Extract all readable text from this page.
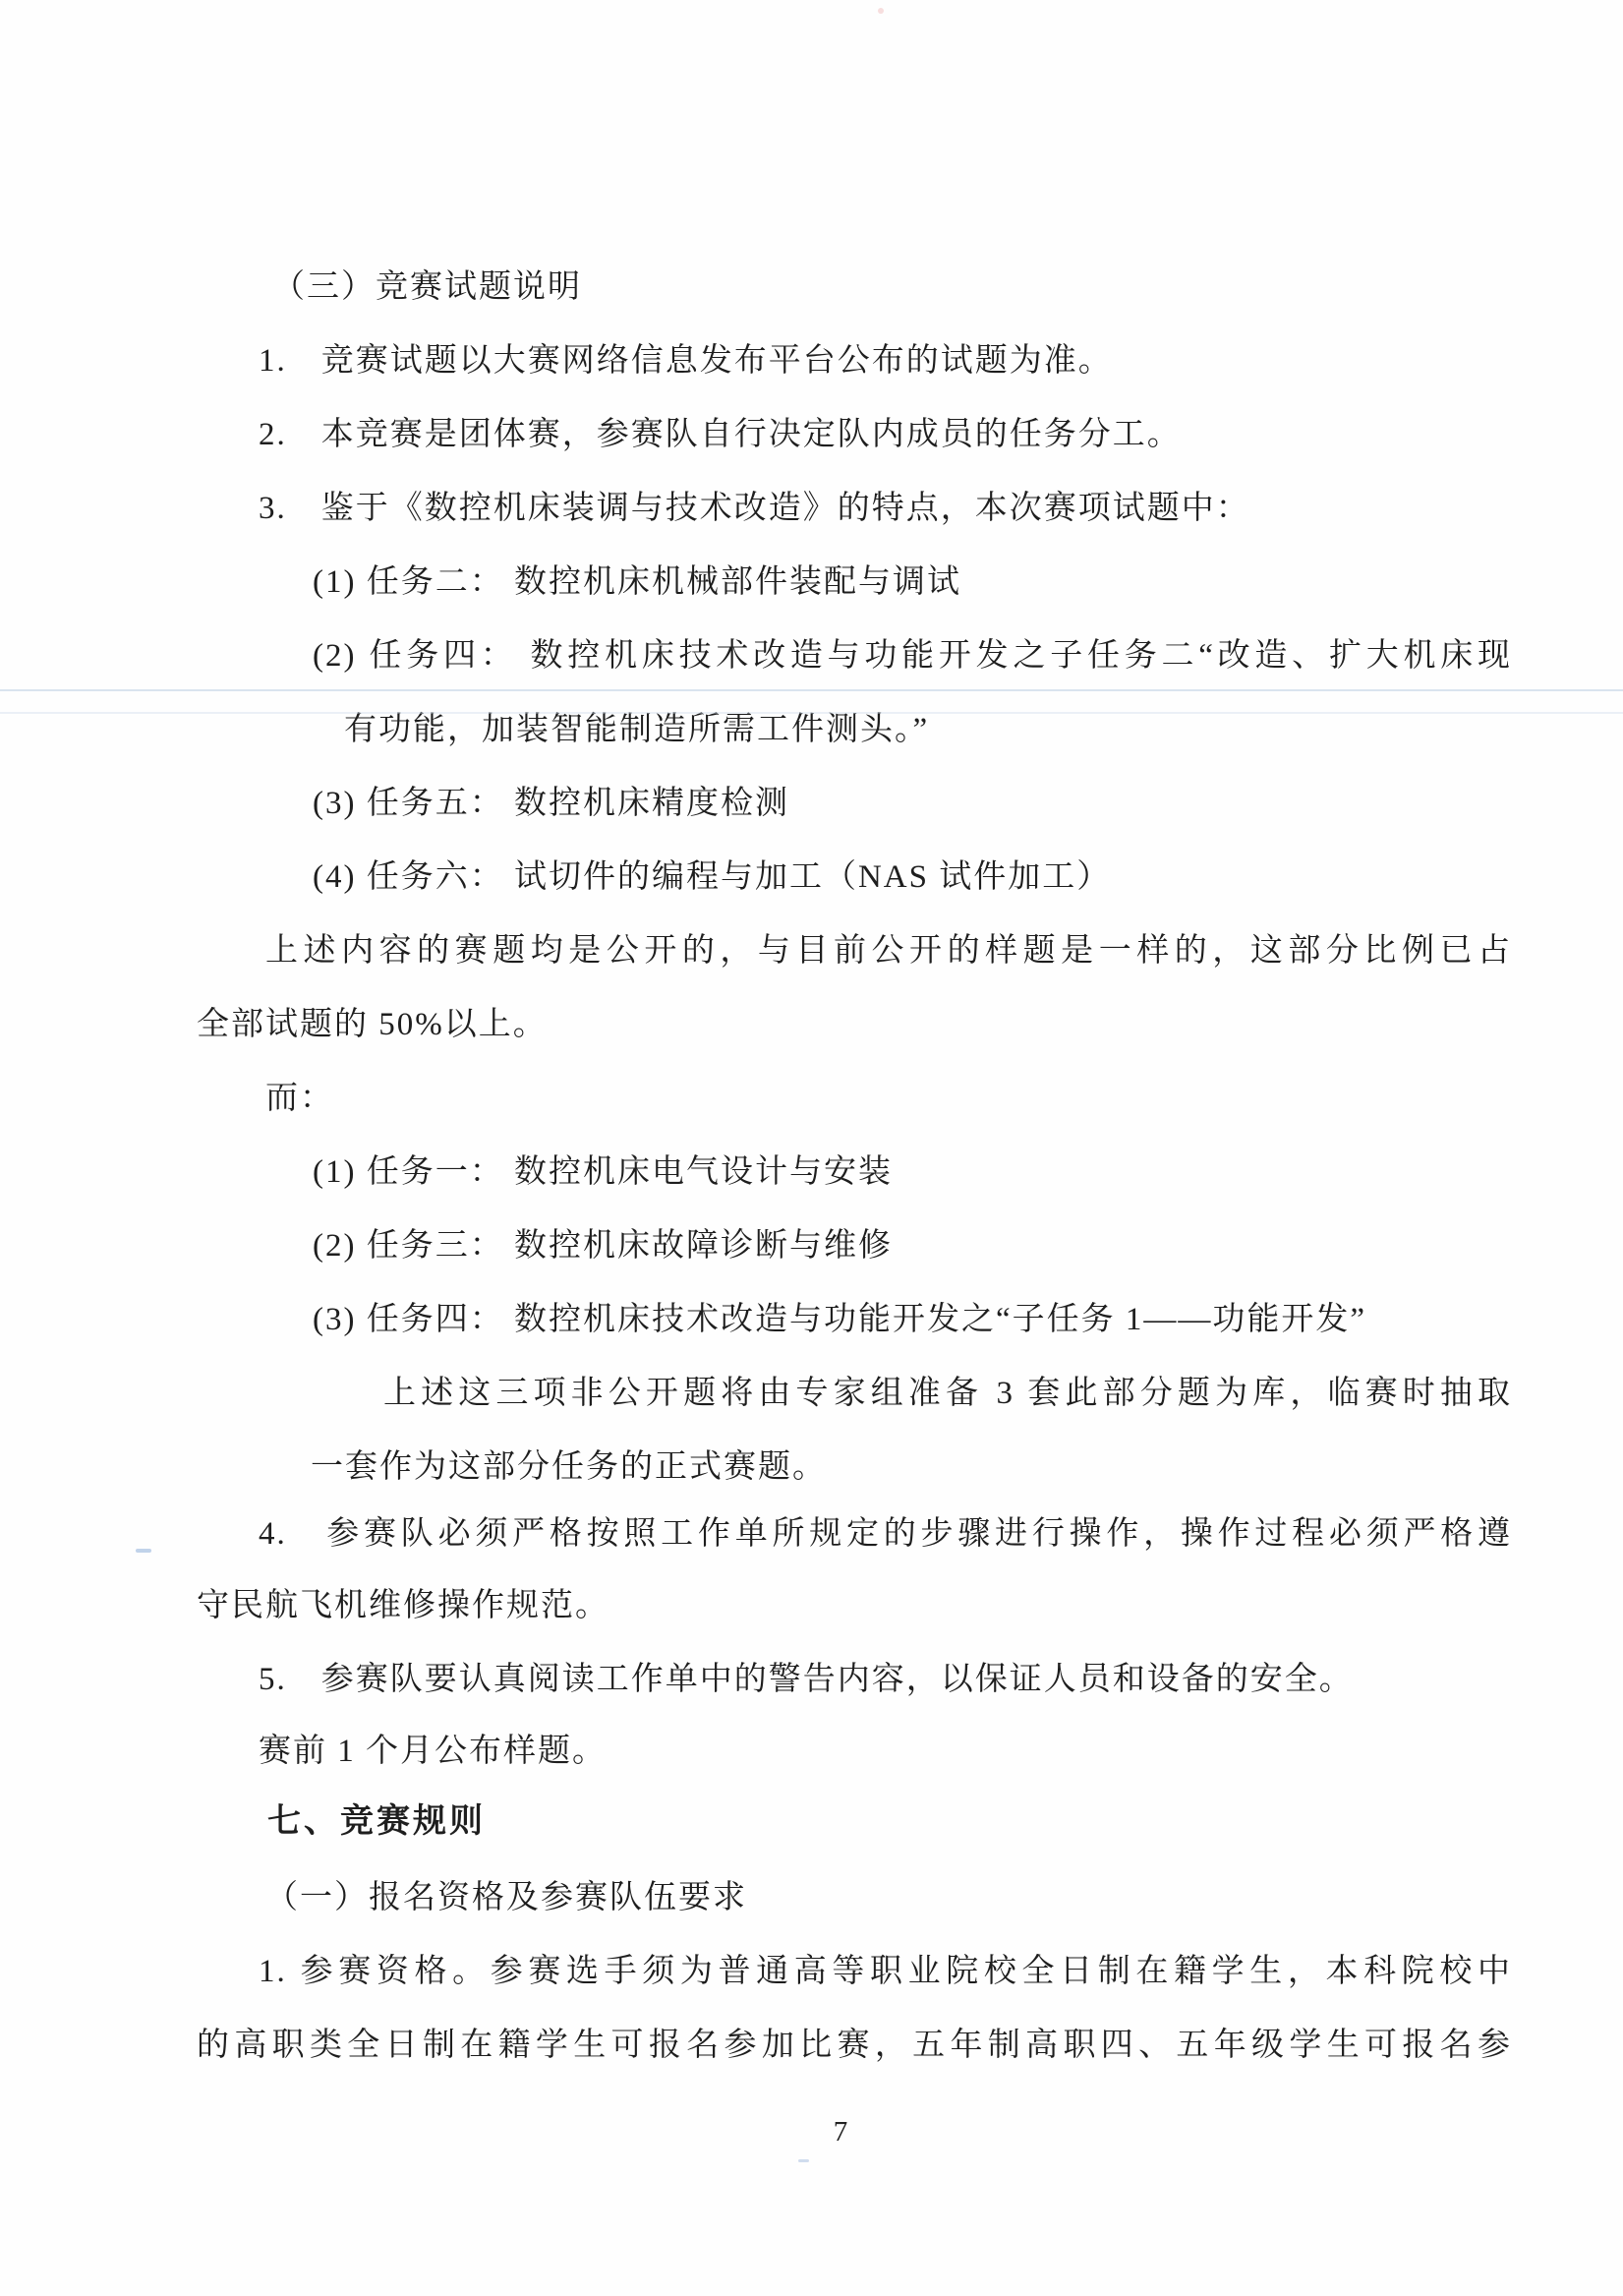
（三）竞赛试题说明
1.　竞赛试题以大赛网络信息发布平台公布的试题为准。
2.　本竞赛是团体赛，参赛队自行决定队内成员的任务分工。
3.　鉴于《数控机床装调与技术改造》的特点，本次赛项试题中：
(1) 任务二： 数控机床机械部件装配与调试
(2) 任务四： 数控机床技术改造与功能开发之子任务二“改造、扩大机床现
有功能，加装智能制造所需工件测头。”
(3) 任务五： 数控机床精度检测
(4) 任务六： 试切件的编程与加工（NAS 试件加工）
上述内容的赛题均是公开的，与目前公开的样题是一样的，这部分比例已占
全部试题的 50%以上。
而：
(1) 任务一： 数控机床电气设计与安装
(2) 任务三： 数控机床故障诊断与维修
(3) 任务四： 数控机床技术改造与功能开发之“子任务 1——功能开发”
上述这三项非公开题将由专家组准备 3 套此部分题为库，临赛时抽取
一套作为这部分任务的正式赛题。
4.　参赛队必须严格按照工作单所规定的步骤进行操作，操作过程必须严格遵
守民航飞机维修操作规范。
5.　参赛队要认真阅读工作单中的警告内容，以保证人员和设备的安全。
赛前 1 个月公布样题。
七、竞赛规则
（一）报名资格及参赛队伍要求
1. 参赛资格。参赛选手须为普通高等职业院校全日制在籍学生，本科院校中
的高职类全日制在籍学生可报名参加比赛，五年制高职四、五年级学生可报名参
7
